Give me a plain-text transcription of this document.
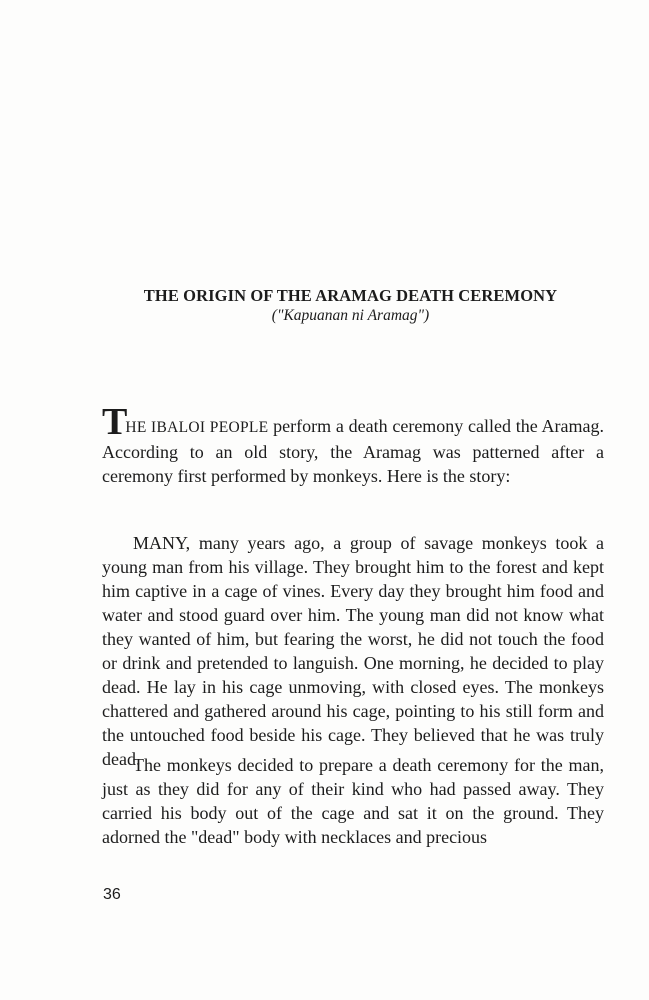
THE ORIGIN OF THE ARAMAG DEATH CEREMONY

("Kapuanan ni Aramag")

THE IBALOI PEOPLE perform a death ceremony called the Aramag. According to an old story, the Aramag was patterned after a ceremony first performed by monkeys. Here is the story:

MANY, many years ago, a group of savage monkeys took a young man from his village. They brought him to the forest and kept him captive in a cage of vines. Every day they brought him food and water and stood guard over him. The young man did not know what they wanted of him, but fearing the worst, he did not touch the food or drink and pretended to languish. One morning, he decided to play dead. He lay in his cage unmoving, with closed eyes. The monkeys chattered and gathered around his cage, pointing to his still form and the untouched food beside his cage. They believed that he was truly dead.

The monkeys decided to prepare a death ceremony for the man, just as they did for any of their kind who had passed away. They carried his body out of the cage and sat it on the ground. They adorned the "dead" body with necklaces and precious

36
